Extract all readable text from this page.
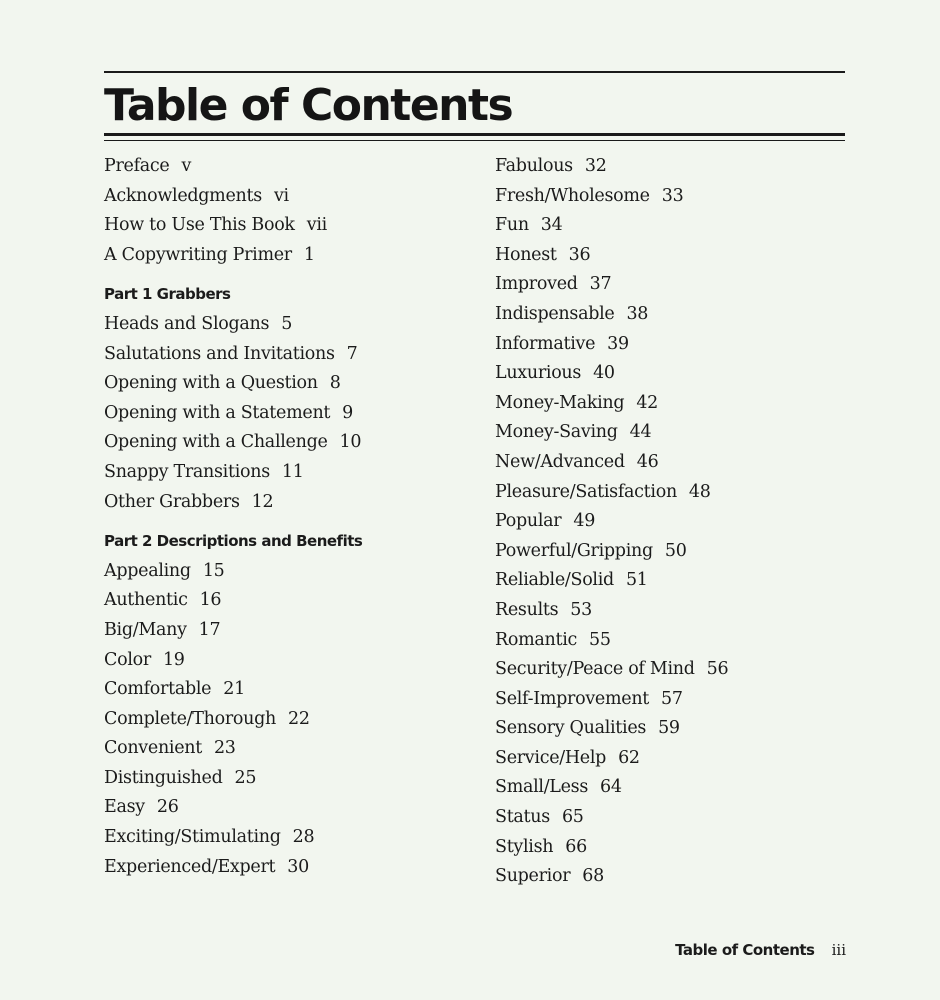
Table of Contents
Preface v
Acknowledgments vi
How to Use This Book vii
A Copywriting Primer 1
Part 1 Grabbers
Heads and Slogans 5
Salutations and Invitations 7
Opening with a Question 8
Opening with a Statement 9
Opening with a Challenge 10
Snappy Transitions 11
Other Grabbers 12
Part 2 Descriptions and Benefits
Appealing 15
Authentic 16
Big/Many 17
Color 19
Comfortable 21
Complete/Thorough 22
Convenient 23
Distinguished 25
Easy 26
Exciting/Stimulating 28
Experienced/Expert 30
Fabulous 32
Fresh/Wholesome 33
Fun 34
Honest 36
Improved 37
Indispensable 38
Informative 39
Luxurious 40
Money-Making 42
Money-Saving 44
New/Advanced 46
Pleasure/Satisfaction 48
Popular 49
Powerful/Gripping 50
Reliable/Solid 51
Results 53
Romantic 55
Security/Peace of Mind 56
Self-Improvement 57
Sensory Qualities 59
Service/Help 62
Small/Less 64
Status 65
Stylish 66
Superior 68
Table of Contents iii
